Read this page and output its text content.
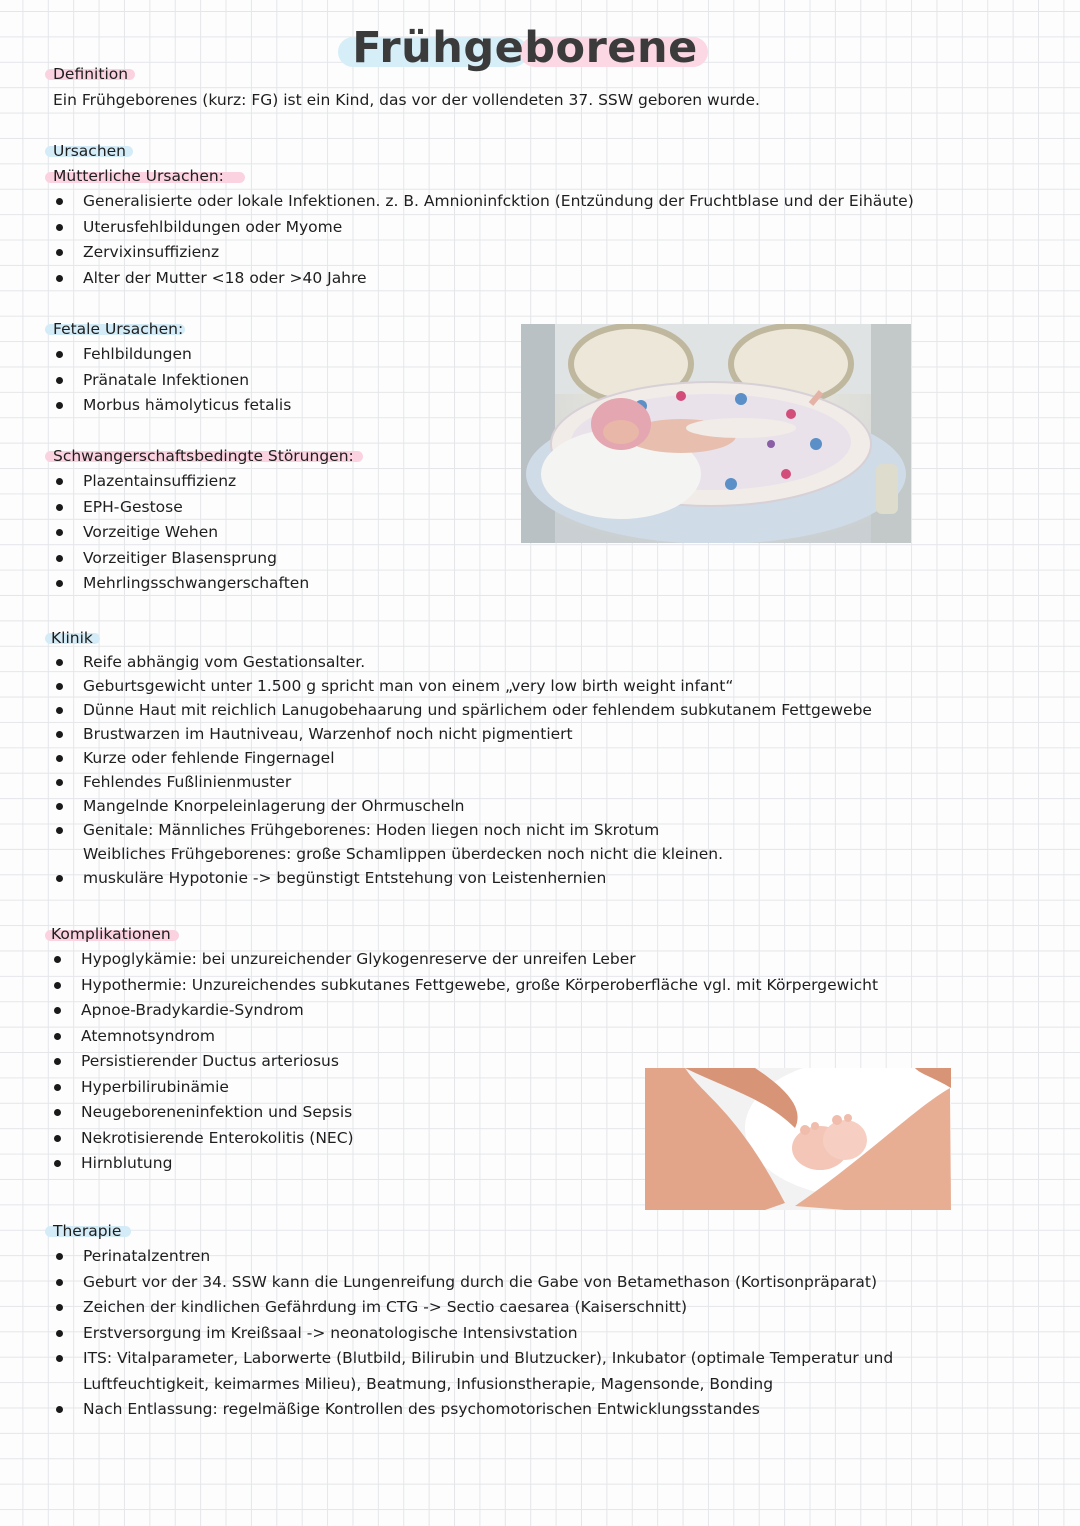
Frühgeborene
Definition
Ein Frühgeborenes (kurz: FG) ist ein Kind, das vor der vollendeten 37. SSW geboren wurde.
Ursachen
Mütterliche Ursachen:
Generalisierte oder lokale Infektionen. z. B. Amnioninfcktion (Entzündung der Fruchtblase und der Eihäute)
Uterusfehlbildungen oder Myome
Zervixinsuffizienz
Alter der Mutter <18 oder >40 Jahre
Fetale Ursachen:
Fehlbildungen
Pränatale Infektionen
Morbus hämolyticus fetalis
Schwangerschaftsbedingte Störungen:
Plazentainsuffizienz
EPH-Gestose
Vorzeitige Wehen
Vorzeitiger Blasensprung
Mehrlingsschwangerschaften
Klinik
Reife abhängig vom Gestationsalter.
Geburtsgewicht unter 1.500 g spricht man von einem „very low birth weight infant“
Dünne Haut mit reichlich Lanugobehaarung und spärlichem oder fehlendem subkutanem Fettgewebe
Brustwarzen im Hautniveau, Warzenhof noch nicht pigmentiert
Kurze oder fehlende Fingernagel
Fehlendes Fußlinienmuster
Mangelnde Knorpeleinlagerung der Ohrmuscheln
Genitale: Männliches Frühgeborenes: Hoden liegen noch nicht im Skrotum
Weibliches Frühgeborenes: große Schamlippen überdecken noch nicht die kleinen.
muskuläre Hypotonie -> begünstigt Entstehung von Leistenhernien
Komplikationen
Hypoglykämie: bei unzureichender Glykogenreserve der unreifen Leber
Hypothermie: Unzureichendes subkutanes Fettgewebe, große Körperoberfläche vgl. mit Körpergewicht
Apnoe-Bradykardie-Syndrom
Atemnotsyndrom
Persistierender Ductus arteriosus
Hyperbilirubinämie
Neugeboreneninfektion und Sepsis
Nekrotisierende Enterokolitis (NEC)
Hirnblutung
Therapie
Perinatalzentren
Geburt vor der 34. SSW kann die Lungenreifung durch die Gabe von Betamethason (Kortisonpräparat)
Zeichen der kindlichen Gefährdung im CTG -> Sectio caesarea (Kaiserschnitt)
Erstversorgung im Kreißsaal -> neonatologische Intensivstation
ITS: Vitalparameter, Laborwerte (Blutbild, Bilirubin und Blutzucker), Inkubator (optimale Temperatur und
Luftfeuchtigkeit, keimarmes Milieu), Beatmung, Infusionstherapie, Magensonde, Bonding
Nach Entlassung: regelmäßige Kontrollen des psychomotorischen Entwicklungsstandes
